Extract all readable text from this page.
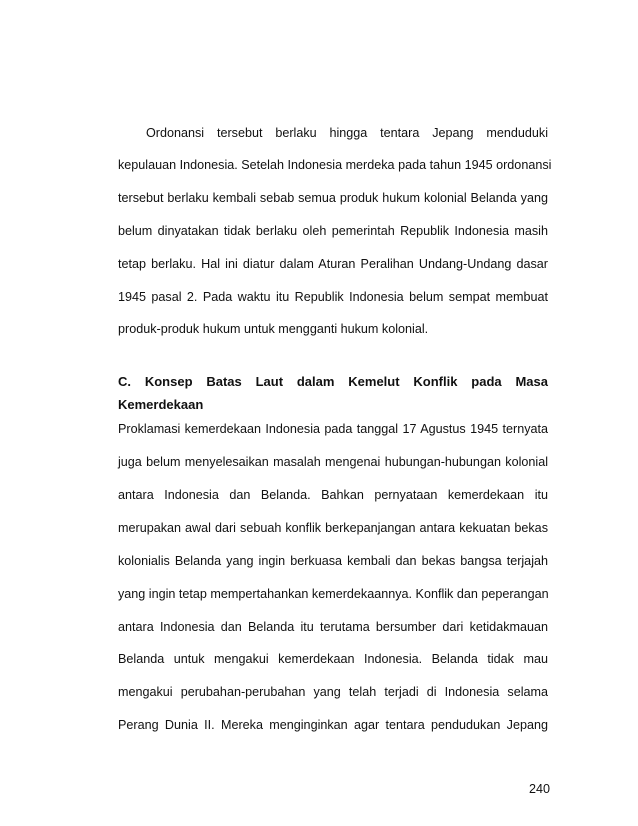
Ordonansi tersebut berlaku hingga tentara Jepang menduduki
kepulauan Indonesia. Setelah Indonesia merdeka pada tahun 1945 ordonansi
tersebut berlaku kembali sebab semua produk hukum kolonial Belanda yang
belum dinyatakan tidak berlaku oleh pemerintah Republik Indonesia masih
tetap berlaku. Hal ini diatur dalam Aturan Peralihan Undang-Undang dasar
1945 pasal 2. Pada waktu itu Republik Indonesia belum sempat membuat
produk-produk hukum untuk mengganti hukum kolonial.
C. Konsep Batas Laut dalam Kemelut Konflik pada Masa
Kemerdekaan
Proklamasi kemerdekaan Indonesia pada tanggal 17 Agustus 1945 ternyata
juga belum menyelesaikan masalah mengenai hubungan-hubungan kolonial
antara Indonesia dan Belanda. Bahkan pernyataan kemerdekaan itu
merupakan awal dari sebuah konflik berkepanjangan antara kekuatan bekas
kolonialis Belanda yang ingin berkuasa kembali dan bekas bangsa terjajah
yang ingin tetap mempertahankan kemerdekaannya. Konflik dan peperangan
antara Indonesia dan Belanda itu terutama bersumber dari ketidakmauan
Belanda untuk mengakui kemerdekaan Indonesia. Belanda tidak mau
mengakui perubahan-perubahan yang telah terjadi di Indonesia selama
Perang Dunia II. Mereka menginginkan agar tentara pendudukan Jepang
240
